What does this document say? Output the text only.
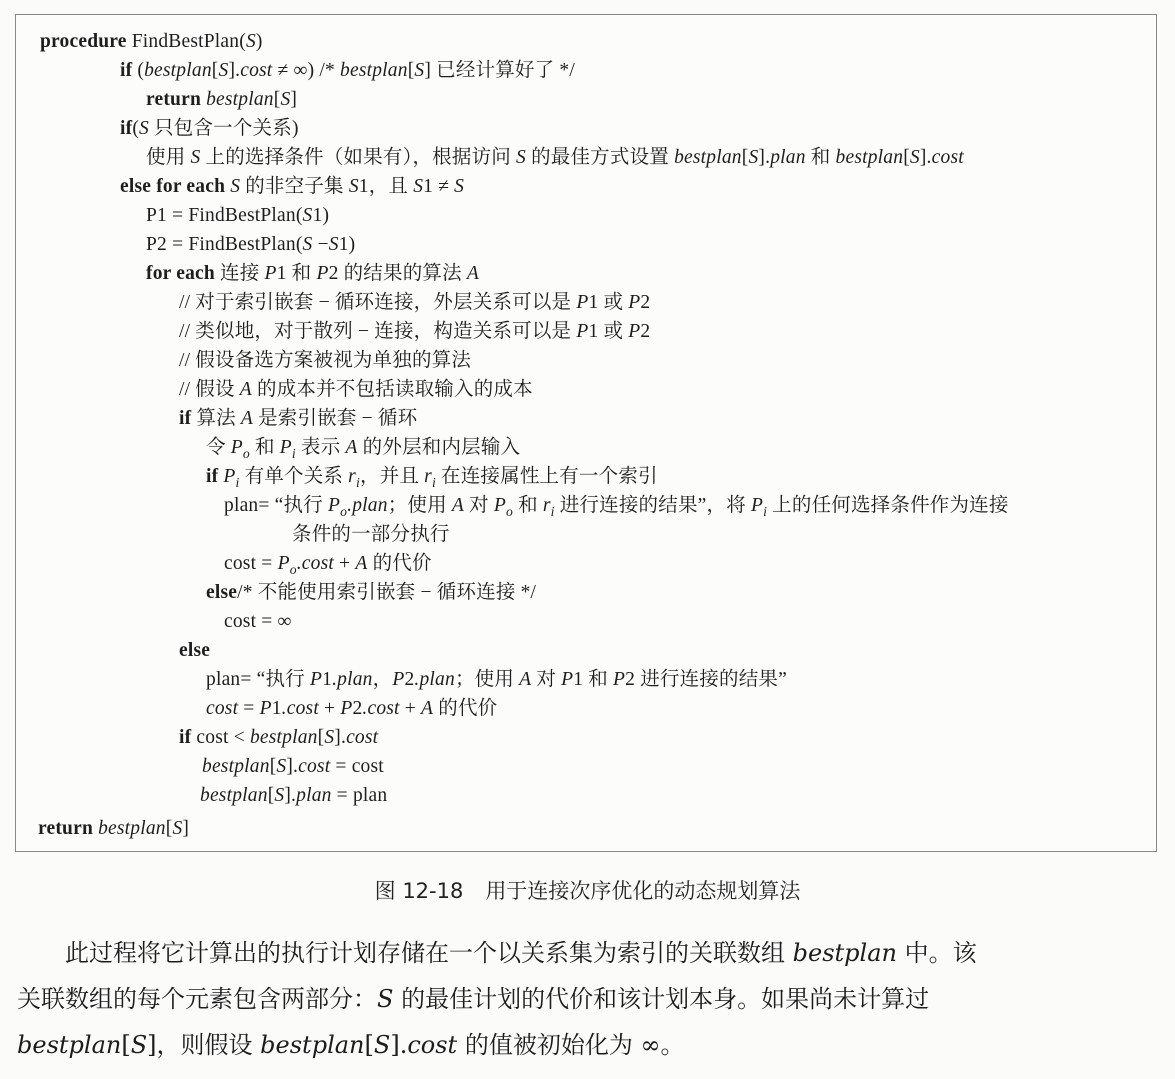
procedure FindBestPlan(S)
if (bestplan[S].cost ≠ ∞) /* bestplan[S] 已经计算好了 */
return bestplan[S]
if(S 只包含一个关系)
使用 S 上的选择条件（如果有），根据访问 S 的最佳方式设置 bestplan[S].plan 和 bestplan[S].cost
else for each S 的非空子集 S1，且 S1 ≠ S
P1 = FindBestPlan(S1)
P2 = FindBestPlan(S −S1)
for each 连接 P1 和 P2 的结果的算法 A
// 对于索引嵌套 − 循环连接，外层关系可以是 P1 或 P2
// 类似地，对于散列 − 连接，构造关系可以是 P1 或 P2
// 假设备选方案被视为单独的算法
// 假设 A 的成本并不包括读取输入的成本
if 算法 A 是索引嵌套 − 循环
令 $P_o$ 和 $P_i$ 表示 A 的外层和内层输入
if $P_i$ 有单个关系 $r_i$，并且 $r_i$ 在连接属性上有一个索引
plan= “执行 $P_o.plan$；使用 A 对 $P_o$ 和 $r_i$ 进行连接的结果”，将 $P_i$ 上的任何选择条件作为连接
条件的一部分执行
$\cos t = P_o.\cos t + A$ 的代价
else/* 不能使用索引嵌套 − 循环连接 */
cost = ∞
else
plan= “执行 P1.plan，P2.plan；使用 A 对 P1 和 P2 进行连接的结果”
cost = P1.cost + P2.cost + A 的代价
if cost < bestplan[S].cost
bestplan[S].cost = cost
bestplan[S].plan = plan
return bestplan[S]
图 12-18 用于连接次序优化的动态规划算法
此过程将它计算出的执行计划存储在一个以关系集为索引的关联数组 bestplan 中。该
关联数组的每个元素包含两部分：S 的最佳计划的代价和该计划本身。如果尚未计算过
bestplan[S]，则假设 bestplan[S].cost 的值被初始化为 ∞。
